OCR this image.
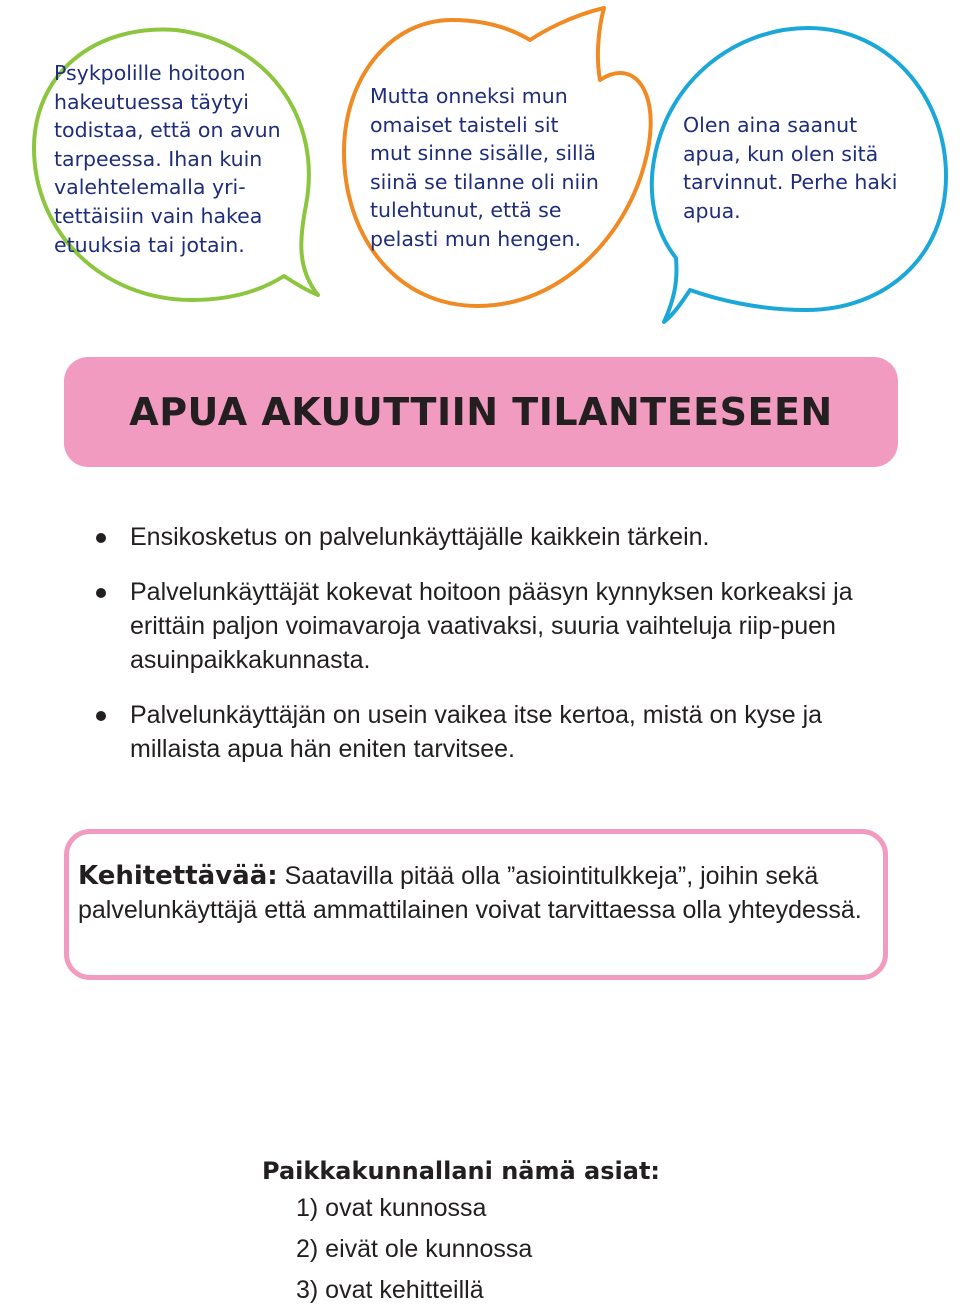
Psykpolille hoitoon
hakeutuessa täytyi
todistaa, että on avun
tarpeessa. Ihan kuin
valehtelemalla yri-
tettäisiin vain hakea
etuuksia tai jotain.

Mutta onneksi mun
omaiset taisteli sit
mut sinne sisälle, sillä
siinä se tilanne oli niin
tulehtunut, että se
pelasti mun hengen.

Olen aina saanut
apua, kun olen sitä
tarvinnut. Perhe haki
apua.

APUA AKUUTTIIN TILANTEESEEN
Ensikosketus on palvelunkäyttäjälle kaikkein tärkein.
Palvelunkäyttäjät kokevat hoitoon pääsyn kynnyksen korkeaksi ja erittäin paljon voimavaroja vaativaksi, suuria vaihteluja riip-puen asuinpaikkakunnasta.
Palvelunkäyttäjän on usein vaikea itse kertoa, mistä on kyse ja millaista apua hän eniten tarvitsee.

Kehitettävää: Saatavilla pitää olla ”asiointitulkkeja”, joihin sekä palvelunkäyttäjä että ammattilainen voivat tarvittaessa olla yhteydessä.

Paikkakunnallani nämä asiat:
1) ovat kunnossa
2) eivät ole kunnossa
3) ovat kehitteillä
